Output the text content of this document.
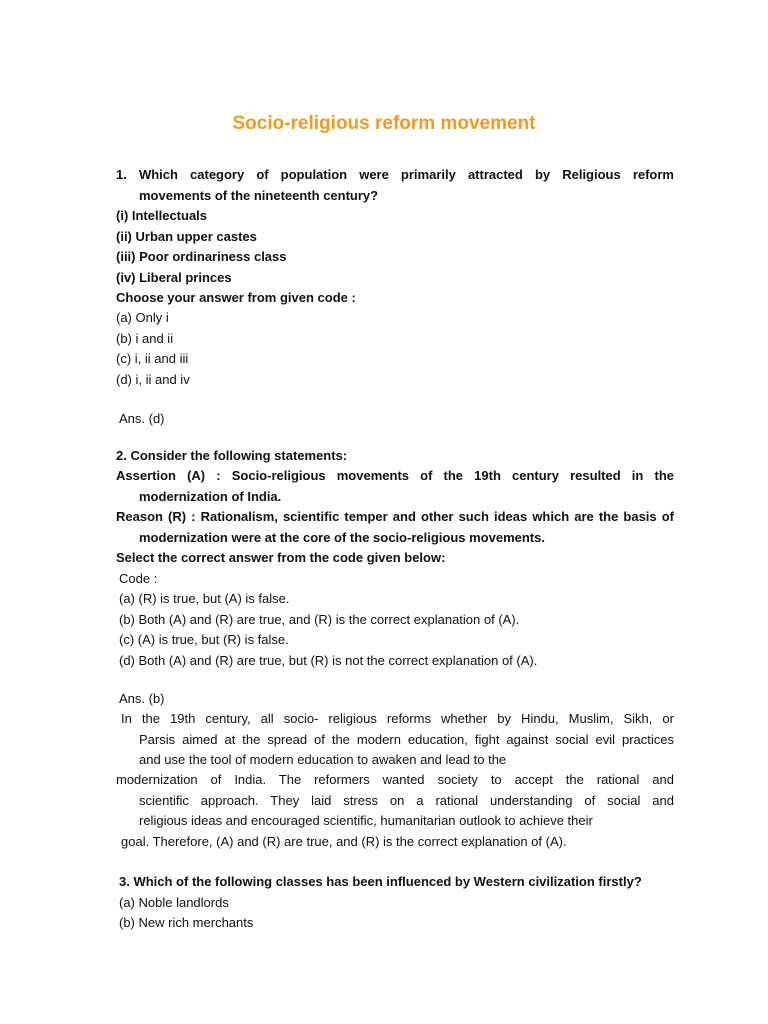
Socio-religious reform movement
1. Which category of population were primarily attracted by Religious reform
movements of the nineteenth century?
(i) Intellectuals
(ii) Urban upper castes
(iii) Poor ordinariness class
(iv) Liberal princes
Choose your answer from given code :
(a) Only i
(b) i and ii
(c) i, ii and iii
(d) i, ii and iv
Ans. (d)
2. Consider the following statements:
Assertion (A) : Socio-religious movements of the 19th century resulted in the
modernization of India.
Reason (R) : Rationalism, scientific temper and other such ideas which are the basis of
modernization were at the core of the socio-religious movements.
Select the correct answer from the code given below:
Code :
(a) (R) is true, but (A) is false.
(b) Both (A) and (R) are true, and (R) is the correct explanation of (A).
(c) (A) is true, but (R) is false.
(d) Both (A) and (R) are true, but (R) is not the correct explanation of (A).
Ans. (b)
In the 19th century, all socio- religious reforms whether by Hindu, Muslim, Sikh, or
Parsis aimed at the spread of the modern education, fight against social evil practices
and use the tool of modern education to awaken and lead to the
modernization of India. The reformers wanted society to accept the rational and
scientific approach. They laid stress on a rational understanding of social and
religious ideas and encouraged scientific, humanitarian outlook to achieve their
goal. Therefore, (A) and (R) are true, and (R) is the correct explanation of (A).
3. Which of the following classes has been influenced by Western civilization firstly?
(a) Noble landlords
(b) New rich merchants
